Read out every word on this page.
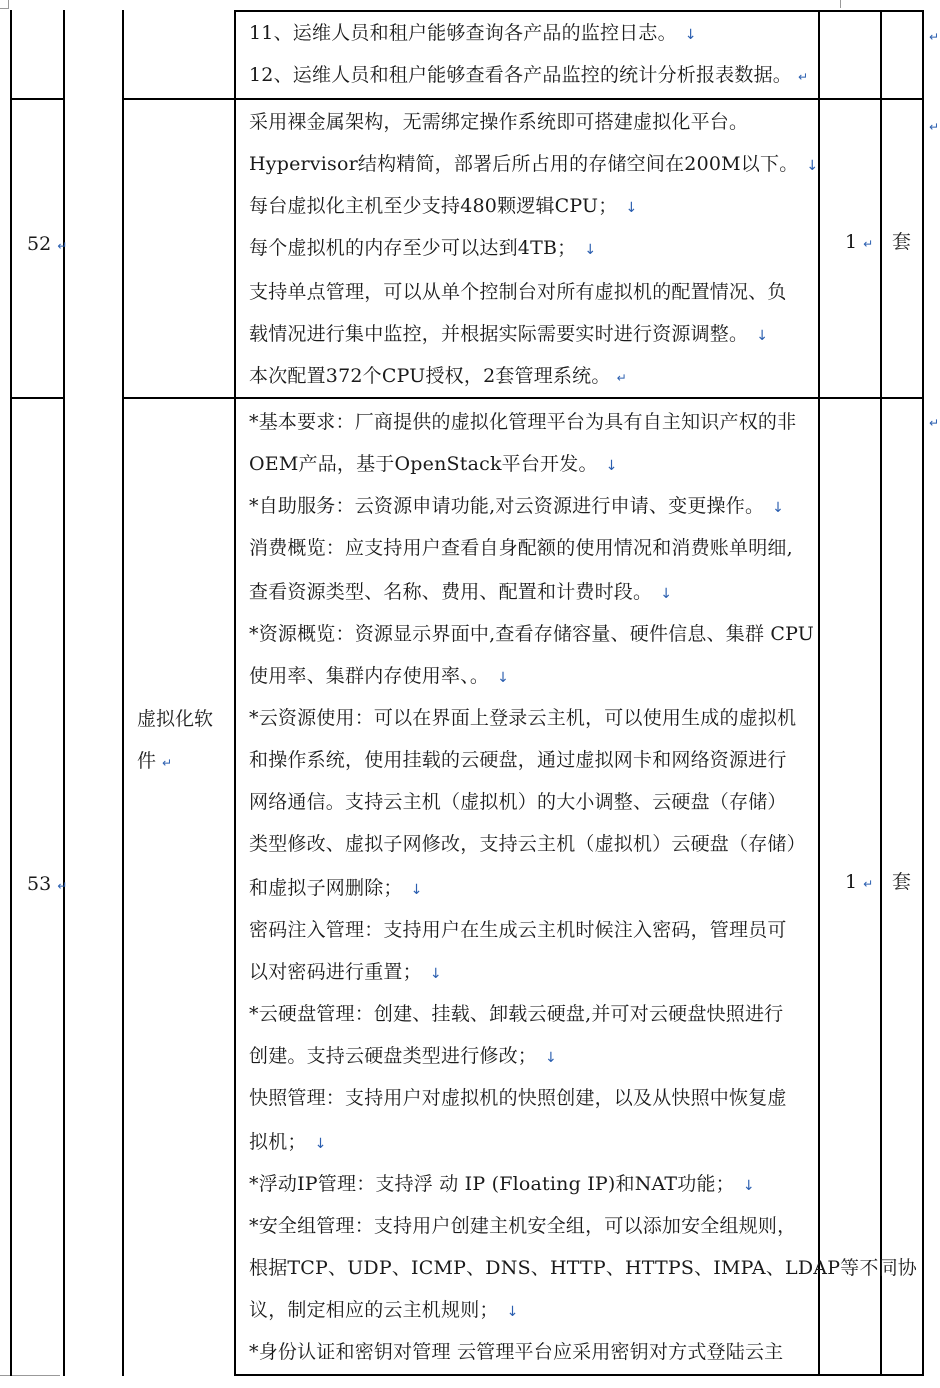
11、运维人员和租户能够查询各产品的监控日志。 ↓
12、运维人员和租户能够查看各产品监控的统计分析报表数据。 ↵
↵
52 ↵	1 ↵ 套
↵
采用裸金属架构，无需绑定操作系统即可搭建虚拟化平台。
Hypervisor结构精简，部署后所占用的存储空间在200M以下。 ↓
每台虚拟化主机至少支持480颗逻辑CPU； ↓
每个虚拟机的内存至少可以达到4TB； ↓
支持单点管理，可以从单个控制台对所有虚拟机的配置情况、负
载情况进行集中监控，并根据实际需要实时进行资源调整。 ↓
本次配置372个CPU授权，2套管理系统。 ↵
53 ↵
虚拟化软
件 ↵
1 ↵ 套
↵
*基本要求：厂商提供的虚拟化管理平台为具有自主知识产权的非
OEM产品，基于OpenStack平台开发。 ↓
*自助服务：云资源申请功能,对云资源进行申请、变更操作。 ↓
消费概览：应支持用户查看自身配额的使用情况和消费账单明细,
查看资源类型、名称、费用、配置和计费时段。 ↓
*资源概览：资源显示界面中,查看存储容量、硬件信息、集群 CPU
使用率、集群内存使用率、。 ↓
*云资源使用：可以在界面上登录云主机，可以使用生成的虚拟机
和操作系统，使用挂载的云硬盘，通过虚拟网卡和网络资源进行
网络通信。支持云主机（虚拟机）的大小调整、云硬盘（存储）
类型修改、虚拟子网修改，支持云主机（虚拟机）云硬盘（存储）
和虚拟子网删除； ↓
密码注入管理：支持用户在生成云主机时候注入密码，管理员可
以对密码进行重置； ↓
*云硬盘管理：创建、挂载、卸载云硬盘,并可对云硬盘快照进行
创建。支持云硬盘类型进行修改； ↓
快照管理：支持用户对虚拟机的快照创建，以及从快照中恢复虚
拟机； ↓
*浮动IP管理：支持浮 动 IP (Floating IP)和NAT功能； ↓
*安全组管理：支持用户创建主机安全组，可以添加安全组规则，
根据TCP、UDP、ICMP、DNS、HTTP、HTTPS、IMPA、LDAP等不同协
议，制定相应的云主机规则； ↓
*身份认证和密钥对管理 云管理平台应采用密钥对方式登陆云主
